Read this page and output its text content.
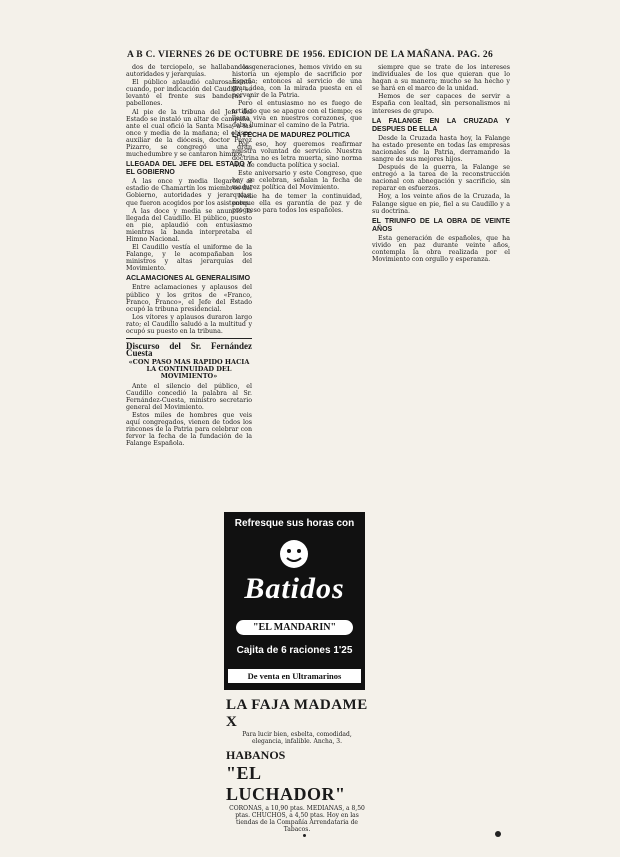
A B C. VIERNES 26 DE OCTUBRE DE 1956. EDICION DE LA MAÑANA. PAG. 26

dos de terciopelo, se hallaban las autoridades y jerarquías.

El público aplaudió calurosamente cuando, por indicación del Caudillo, se levantó el frente sus banderas y pabellones.

Al pie de la tribuna del Jefe del Estado se instaló un altar de campaña, ante el cual ofició la Santa Misa, a las once y media de la mañana; el obispo auxiliar de la diócesis, doctor Pérez Pizarro, se congregó una gran muchedumbre y se cantaron himnos.

LLEGADA DEL JEFE DEL ESTADO Y EL GOBIERNO

A las once y media llegaron al estadio de Chamartín los miembros del Gobierno, autoridades y jerarquías, que fueron acogidos por los asistentes.

A las doce y media se anunció la llegada del Caudillo. El público, puesto en pie, aplaudió con entusiasmo mientras la banda interpretaba el Himno Nacional.

El Caudillo vestía el uniforme de la Falange, y le acompañaban los ministros y altas jerarquías del Movimiento.

ACLAMACIONES AL GENERALISIMO

Entre aclamaciones y aplausos del público y los gritos de «Franco, Franco, Franco», el Jefe del Estado ocupó la tribuna presidencial.

Los vítores y aplausos duraron largo rato; el Caudillo saludó a la multitud y ocupó su puesto en la tribuna.

Discurso del Sr. Fernández Cuesta
«CON PASO MAS RAPIDO HACIA LA CONTINUIDAD DEL MOVIMIENTO»

Ante el silencio del público, el Caudillo concedió la palabra al Sr. Fernández-Cuesta, ministro secretario general del Movimiento.

Estos miles de hombres que veis aquí congregados, vienen de todos los rincones de la Patria para celebrar con fervor la fecha de la fundación de la Falange Española.

dos generaciones, hemos vivido en su historia un ejemplo de sacrificio por España; entonces al servicio de una gran idea, con la mirada puesta en el porvenir de la Patria.

Pero el entusiasmo no es fuego de artificio que se apague con el tiempo; es llama viva en nuestros corazones, que debe iluminar el camino de la Patria.

LA FECHA DE MADUREZ POLITICA

Por eso, hoy queremos reafirmar nuestra voluntad de servicio. Nuestra doctrina no es letra muerta, sino norma viva de conducta política y social.

Este aniversario y este Congreso, que hoy se celebran, señalan la fecha de madurez política del Movimiento.

Nadie ha de temer la continuidad, porque ella es garantía de paz y de progreso para todos los españoles.

Refresque sus horas con
Batidos
"EL MANDARIN"
Cajita de 6 raciones 1'25
De venta en Ultramarinos
LA FAJA MADAME X
Para lucir bien, esbelta, comodidad, elegancia, infalible. Ancha, 3.
HABANOS
"EL LUCHADOR"
CORONAS, a 10,90 ptas. MEDIANAS, a 8,50 ptas. CHUCHOS, a 4,50 ptas. Hoy en las tiendas de la Compañía Arrendataria de Tabacos.

siempre que se trate de los intereses individuales de los que quieran que lo hagan a su manera; mucho se ha hecho y se hará en el marco de la unidad.

Hemos de ser capaces de servir a España con lealtad, sin personalismos ni intereses de grupo.

LA FALANGE EN LA CRUZADA Y DESPUES DE ELLA

Desde la Cruzada hasta hoy, la Falange ha estado presente en todas las empresas nacionales de la Patria, derramando la sangre de sus mejores hijos.

Después de la guerra, la Falange se entregó a la tarea de la reconstrucción nacional con abnegación y sacrificio, sin reparar en esfuerzos.

Hoy, a los veinte años de la Cruzada, la Falange sigue en pie, fiel a su Caudillo y a su doctrina.

EL TRIUNFO DE LA OBRA DE VEINTE AÑOS

Esta generación de españoles, que ha vivido en paz durante veinte años, contempla la obra realizada por el Movimiento con orgullo y esperanza.
